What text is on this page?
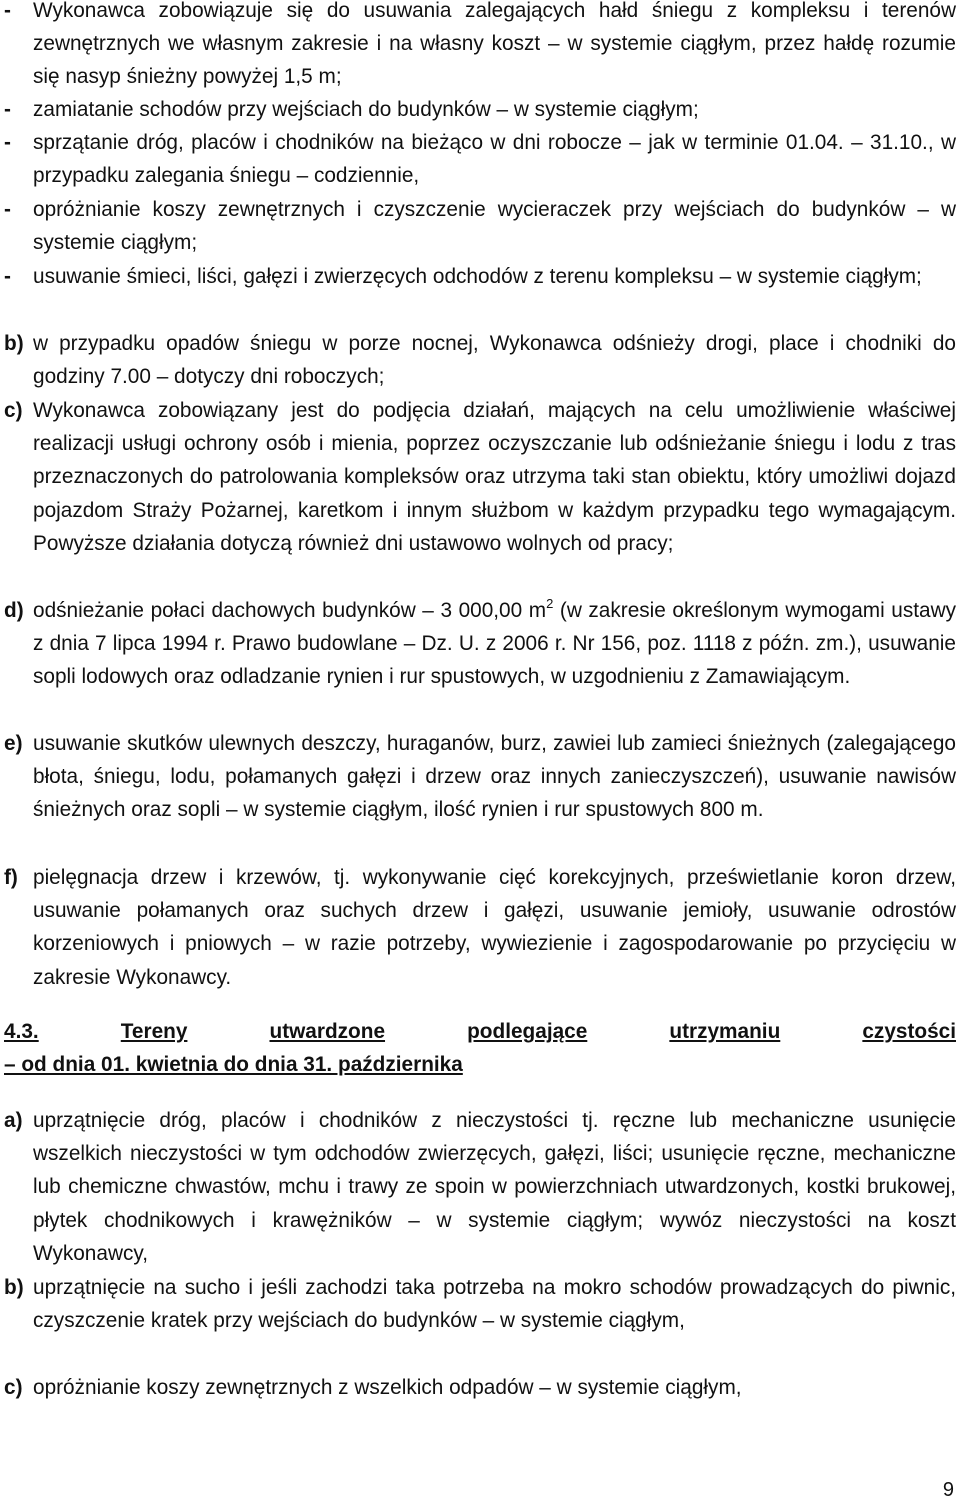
-	Wykonawca zobowiązuje się do usuwania zalegających hałd śniegu z kompleksu i terenów zewnętrznych we własnym zakresie i na własny koszt – w systemie ciągłym, przez hałdę rozumie się nasyp śnieżny powyżej 1,5 m;

-	zamiatanie schodów przy wejściach do budynków – w systemie ciągłym;

-	sprzątanie dróg, placów i chodników na bieżąco w dni robocze – jak w terminie 01.04. – 31.10., w przypadku zalegania śniegu – codziennie,

-	opróżnianie koszy zewnętrznych i czyszczenie wycieraczek przy wejściach do budynków – w systemie ciągłym;

-	usuwanie śmieci, liści, gałęzi i zwierzęcych odchodów z terenu kompleksu – w systemie ciągłym;

b) w przypadku opadów śniegu w porze nocnej, Wykonawca odśnieży drogi, place i chodniki do godziny 7.00 – dotyczy dni roboczych;

c) Wykonawca zobowiązany jest do podjęcia działań, mających na celu umożliwienie właściwej realizacji usługi ochrony osób i mienia, poprzez oczyszczanie lub odśnieżanie śniegu i lodu z tras przeznaczonych do patrolowania kompleksów oraz utrzyma taki stan obiektu, który umożliwi dojazd pojazdom Straży Pożarnej, karetkom i innym służbom w każdym przypadku tego wymagającym. Powyższe działania dotyczą również dni ustawowo wolnych od pracy;

d) odśnieżanie połaci dachowych budynków – 3 000,00 $m^2$ (w zakresie określonym wymogami ustawy z dnia 7 lipca 1994 r. Prawo budowlane – Dz. U. z 2006 r. Nr 156, poz. 1118 z późn. zm.), usuwanie sopli lodowych oraz odladzanie rynien i rur spustowych, w uzgodnieniu z Zamawiającym.

e) usuwanie skutków ulewnych deszczy, huraganów, burz, zawiei lub zamieci śnieżnych (zalegającego błota, śniegu, lodu, połamanych gałęzi i drzew oraz innych zanieczyszczeń), usuwanie nawisów śnieżnych oraz sopli – w systemie ciągłym, ilość rynien i rur spustowych 800 m.

f) pielęgnacja drzew i krzewów, tj. wykonywanie cięć korekcyjnych, prześwietlanie koron drzew, usuwanie połamanych oraz suchych drzew i gałęzi, usuwanie jemioły, usuwanie odrostów korzeniowych i pniowych – w razie potrzeby, wywiezienie i zagospodarowanie po przycięciu w zakresie Wykonawcy.

4.3.	Tereny	utwardzone	podlegające	utrzymaniu	czystości
– od dnia 01. kwietnia do dnia 31. października

a) uprzątnięcie dróg, placów i chodników z nieczystości tj. ręczne lub mechaniczne usunięcie wszelkich nieczystości w tym odchodów zwierzęcych, gałęzi, liści; usunięcie ręczne, mechaniczne lub chemiczne chwastów, mchu i trawy ze spoin w powierzchniach utwardzonych, kostki brukowej, płytek chodnikowych i krawężników – w systemie ciągłym; wywóz nieczystości na koszt Wykonawcy,

b) uprzątnięcie na sucho i jeśli zachodzi taka potrzeba na mokro schodów prowadzących do piwnic, czyszczenie kratek przy wejściach do budynków – w systemie ciągłym,

c) opróżnianie koszy zewnętrznych z wszelkich odpadów – w systemie ciągłym,

9
